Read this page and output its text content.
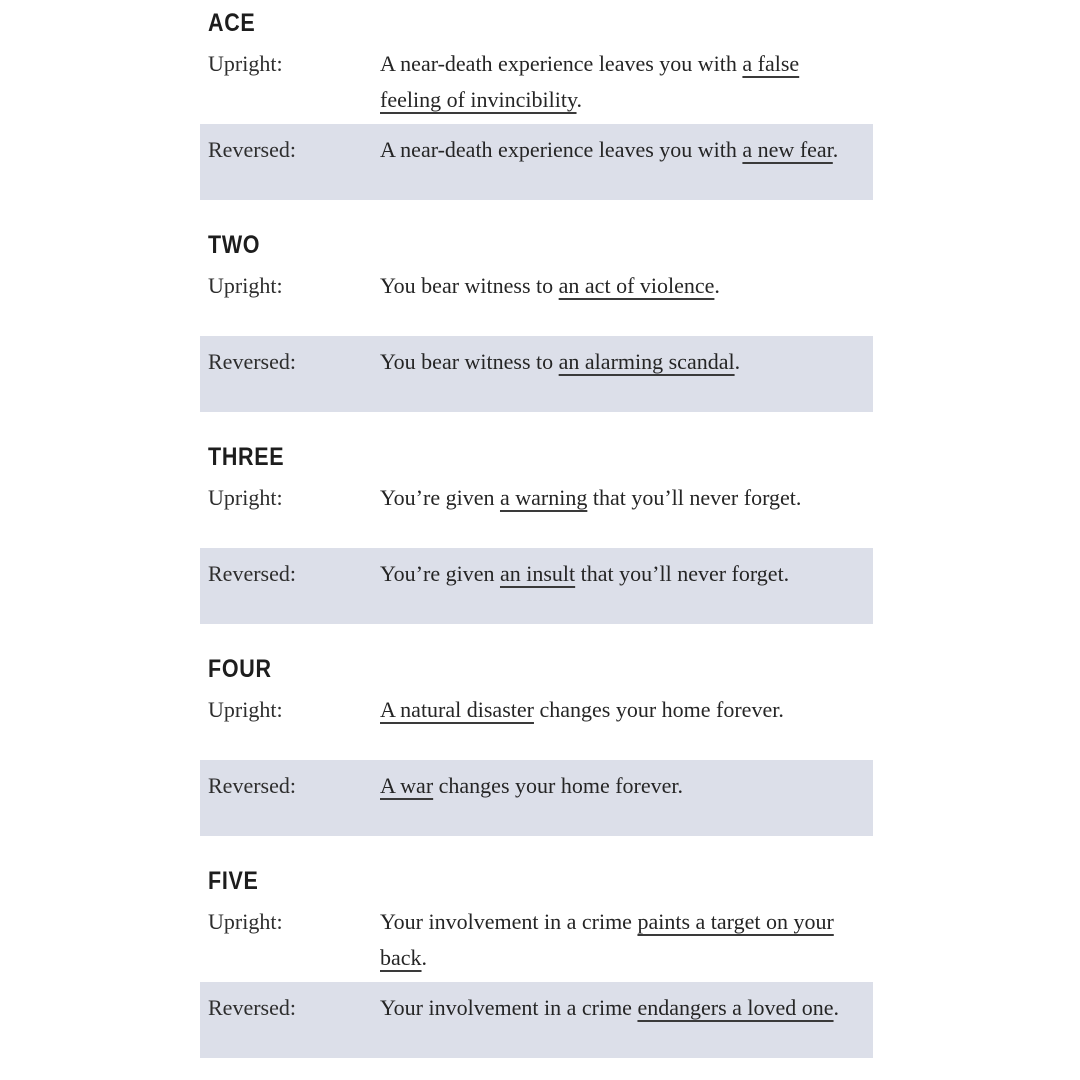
ACE
Upright:	A near-death experience leaves you with a false feeling of invincibility.
Reversed:	A near-death experience leaves you with a new fear.
TWO
Upright:	You bear witness to an act of violence.
Reversed:	You bear witness to an alarming scandal.
THREE
Upright:	You’re given a warning that you’ll never forget.
Reversed:	You’re given an insult that you’ll never forget.
FOUR
Upright:	A natural disaster changes your home forever.
Reversed:	A war changes your home forever.
FIVE
Upright:	Your involvement in a crime paints a target on your back.
Reversed:	Your involvement in a crime endangers a loved one.
